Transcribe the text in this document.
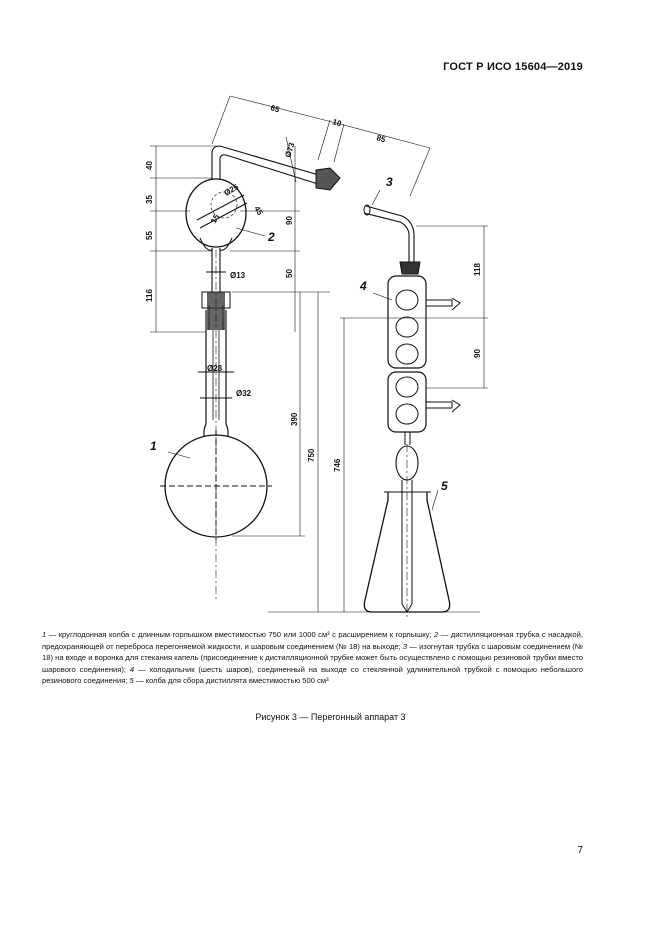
ГОСТ Р ИСО 15604—2019
40
35
55
116
90
50
Ø13
Ø28
Ø32
390
750
65
10
85
Ø73
Ø25
45
15
1
2
3
5
4
118
90
746
1 — круглодонная колба с длинным горлышком вместимостью 750 или 1000 см³ с расширением к горлышку; 2 — дистилляционная трубка с насадкой, предохраняющей от переброса перегоняемой жидкости, и шаровым соединением (№ 18) на выходе; 3 — изогнутая трубка с шаровым соединением (№ 18) на входе и воронка для стекания капель (присоединение к дистилляционной трубке может быть осуществлено с помощью резиновой трубки вместо шарового соединения); 4 — холодильник (шесть шаров), соединенный на выходе со стеклянной удлинительной трубкой с помощью небольшого резинового соединения; 5 — колба для сбора дистиллята вместимостью 500 см³
Рисунок 3 — Перегонный аппарат 3
7
